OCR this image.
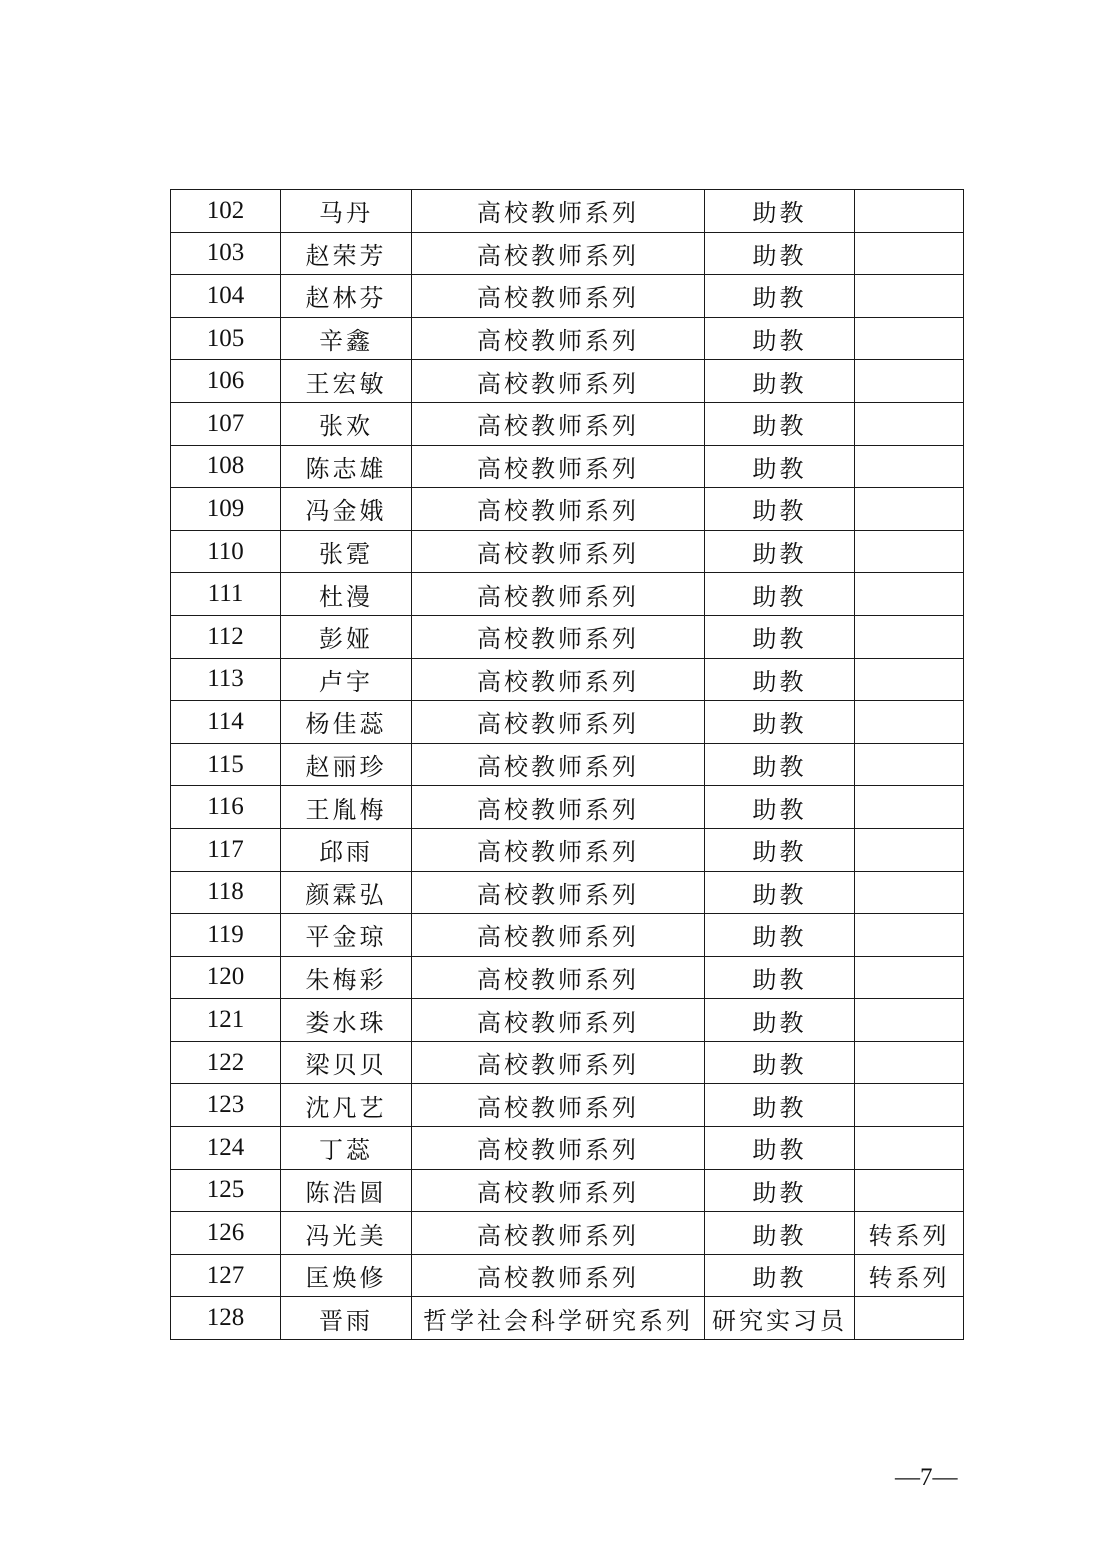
102	马丹	高校教师系列	助教	
103	赵荣芳	高校教师系列	助教	
104	赵林芬	高校教师系列	助教	
105	辛鑫	高校教师系列	助教	
106	王宏敏	高校教师系列	助教	
107	张欢	高校教师系列	助教	
108	陈志雄	高校教师系列	助教	
109	冯金娥	高校教师系列	助教	
110	张霓	高校教师系列	助教	
111	杜漫	高校教师系列	助教	
112	彭娅	高校教师系列	助教	
113	卢宇	高校教师系列	助教	
114	杨佳蕊	高校教师系列	助教	
115	赵丽珍	高校教师系列	助教	
116	王胤梅	高校教师系列	助教	
117	邱雨	高校教师系列	助教	
118	颜霖弘	高校教师系列	助教	
119	平金琼	高校教师系列	助教	
120	朱梅彩	高校教师系列	助教	
121	娄水珠	高校教师系列	助教	
122	梁贝贝	高校教师系列	助教	
123	沈凡艺	高校教师系列	助教	
124	丁蕊	高校教师系列	助教	
125	陈浩圆	高校教师系列	助教	
126	冯光美	高校教师系列	助教	转系列
127	匡焕修	高校教师系列	助教	转系列
128	晋雨	哲学社会科学研究系列	研究实习员	
—7—
